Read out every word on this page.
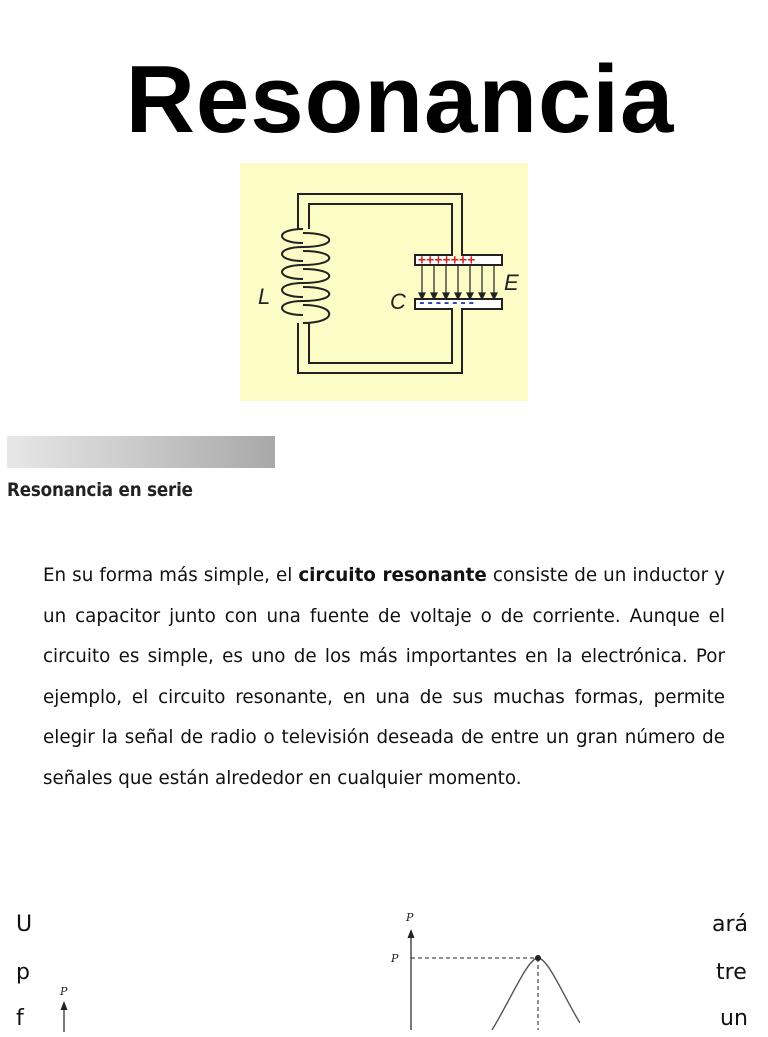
Resonancia
+++++++
-------
L	C
E
Resonancia en serie

En su forma más simple, el circuito resonante consiste de un inductor y un capacitor junto con una fuente de voltaje o de corriente. Aunque el circuito es simple, es uno de los más importantes en la electrónica. Por ejemplo, el circuito resonante, en una de sus muchas formas, permite elegir la señal de radio o televisión deseada de entre un gran número de señales que están alrededor en cualquier momento.

U
p
f
ará
tre
un
P
P
P
